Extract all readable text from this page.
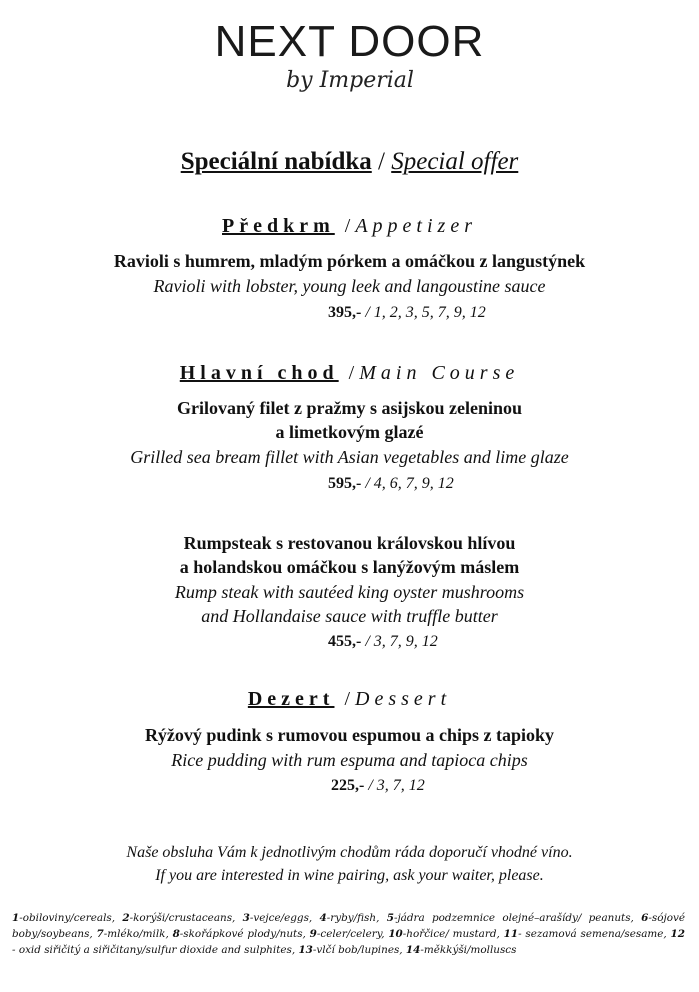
NEXT DOOR
by Imperial
Speciální nabídka / Special offer
Předkrm /Appetizer
Ravioli s humrem, mladým pórkem a omáčkou z langustýnek
Ravioli with lobster, young leek and langoustine sauce
395,- / 1, 2, 3, 5, 7, 9, 12
Hlavní chod /Main Course
Grilovaný filet z pražmy s asijskou zeleninou
a limetkovým glazé
Grilled sea bream fillet with Asian vegetables and lime glaze
595,- / 4, 6, 7, 9, 12
Rumpsteak s restovanou královskou hlívou
a holandskou omáčkou s lanýžovým máslem
Rump steak with sautéed king oyster mushrooms
and Hollandaise sauce with truffle butter
455,- / 3, 7, 9, 12
Dezert /Dessert
Rýžový pudink s rumovou espumou a chips z tapioky
Rice pudding with rum espuma and tapioca chips
225,- / 3, 7, 12
Naše obsluha Vám k jednotlivým chodům ráda doporučí vhodné víno.
If you are interested in wine pairing, ask your waiter, please.
1-obiloviny/cereals, 2-korýši/crustaceans, 3-vejce/eggs, 4-ryby/fish, 5-jádra podzemnice olejné–arašídy/ peanuts, 6-sójové boby/soybeans, 7-mléko/milk, 8-skořápkové plody/nuts, 9-celer/celery, 10-hořčice/ mustard, 11- sezamová semena/sesame, 12 - oxid siřičitý a siřičitany/sulfur dioxide and sulphites, 13-vlčí bob/lupines, 14-měkkýši/molluscs
